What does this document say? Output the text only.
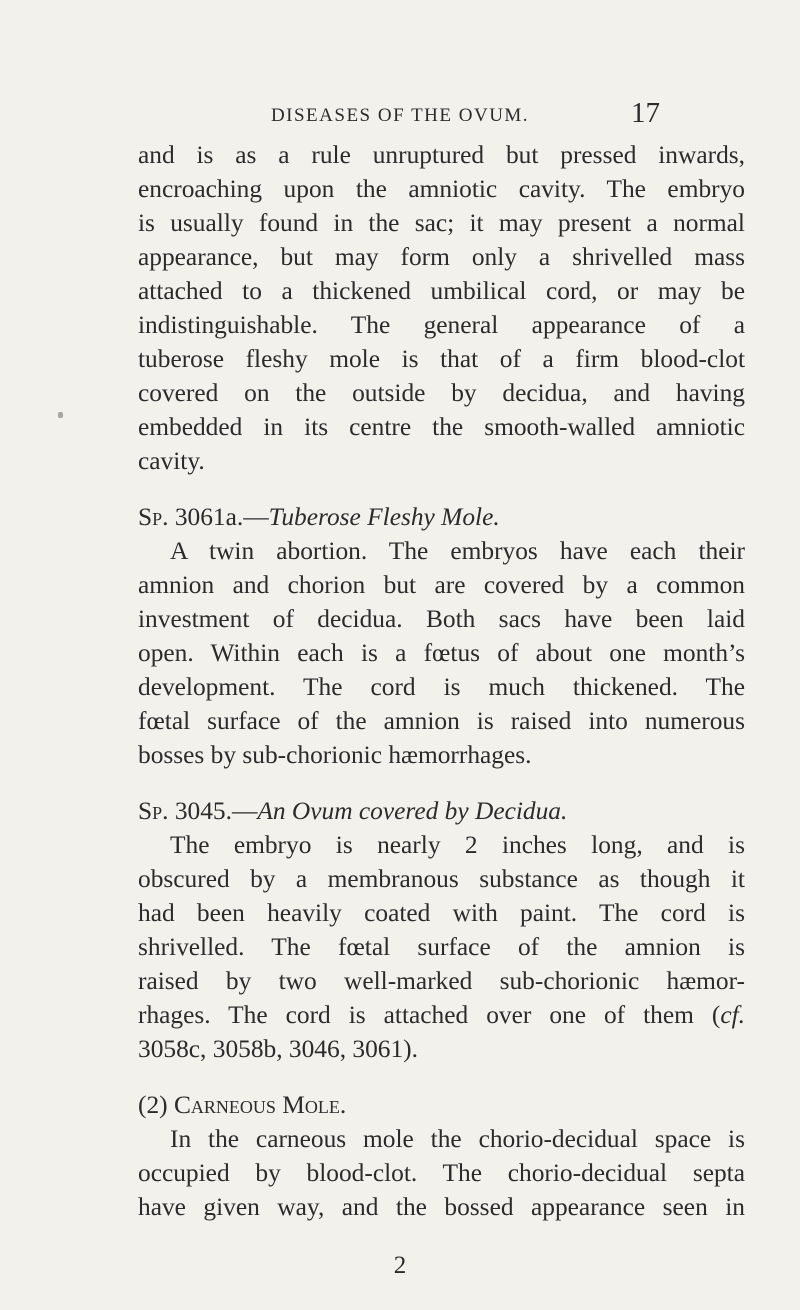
DISEASES OF THE OVUM.	17
and is as a rule unruptured but pressed inwards,
encroaching upon the amniotic cavity. The embryo
is usually found in the sac; it may present a normal
appearance, but may form only a shrivelled mass
attached to a thickened umbilical cord, or may be
indistinguishable. The general appearance of a
tuberose fleshy mole is that of a firm blood-clot
covered on the outside by decidua, and having
embedded in its centre the smooth-walled amniotic
cavity.
Sp. 3061a.—Tuberose Fleshy Mole.
A twin abortion. The embryos have each their
amnion and chorion but are covered by a common
investment of decidua. Both sacs have been laid
open. Within each is a fœtus of about one month’s
development. The cord is much thickened. The
fœtal surface of the amnion is raised into numerous
bosses by sub-chorionic hæmorrhages.
Sp. 3045.—An Ovum covered by Decidua.
The embryo is nearly 2 inches long, and is
obscured by a membranous substance as though it
had been heavily coated with paint. The cord is
shrivelled. The fœtal surface of the amnion is
raised by two well-marked sub-chorionic hæmor-
rhages. The cord is attached over one of them (cf.
3058c, 3058b, 3046, 3061).
(2) Carneous Mole.
In the carneous mole the chorio-decidual space is
occupied by blood-clot. The chorio-decidual septa
have given way, and the bossed appearance seen in
2
